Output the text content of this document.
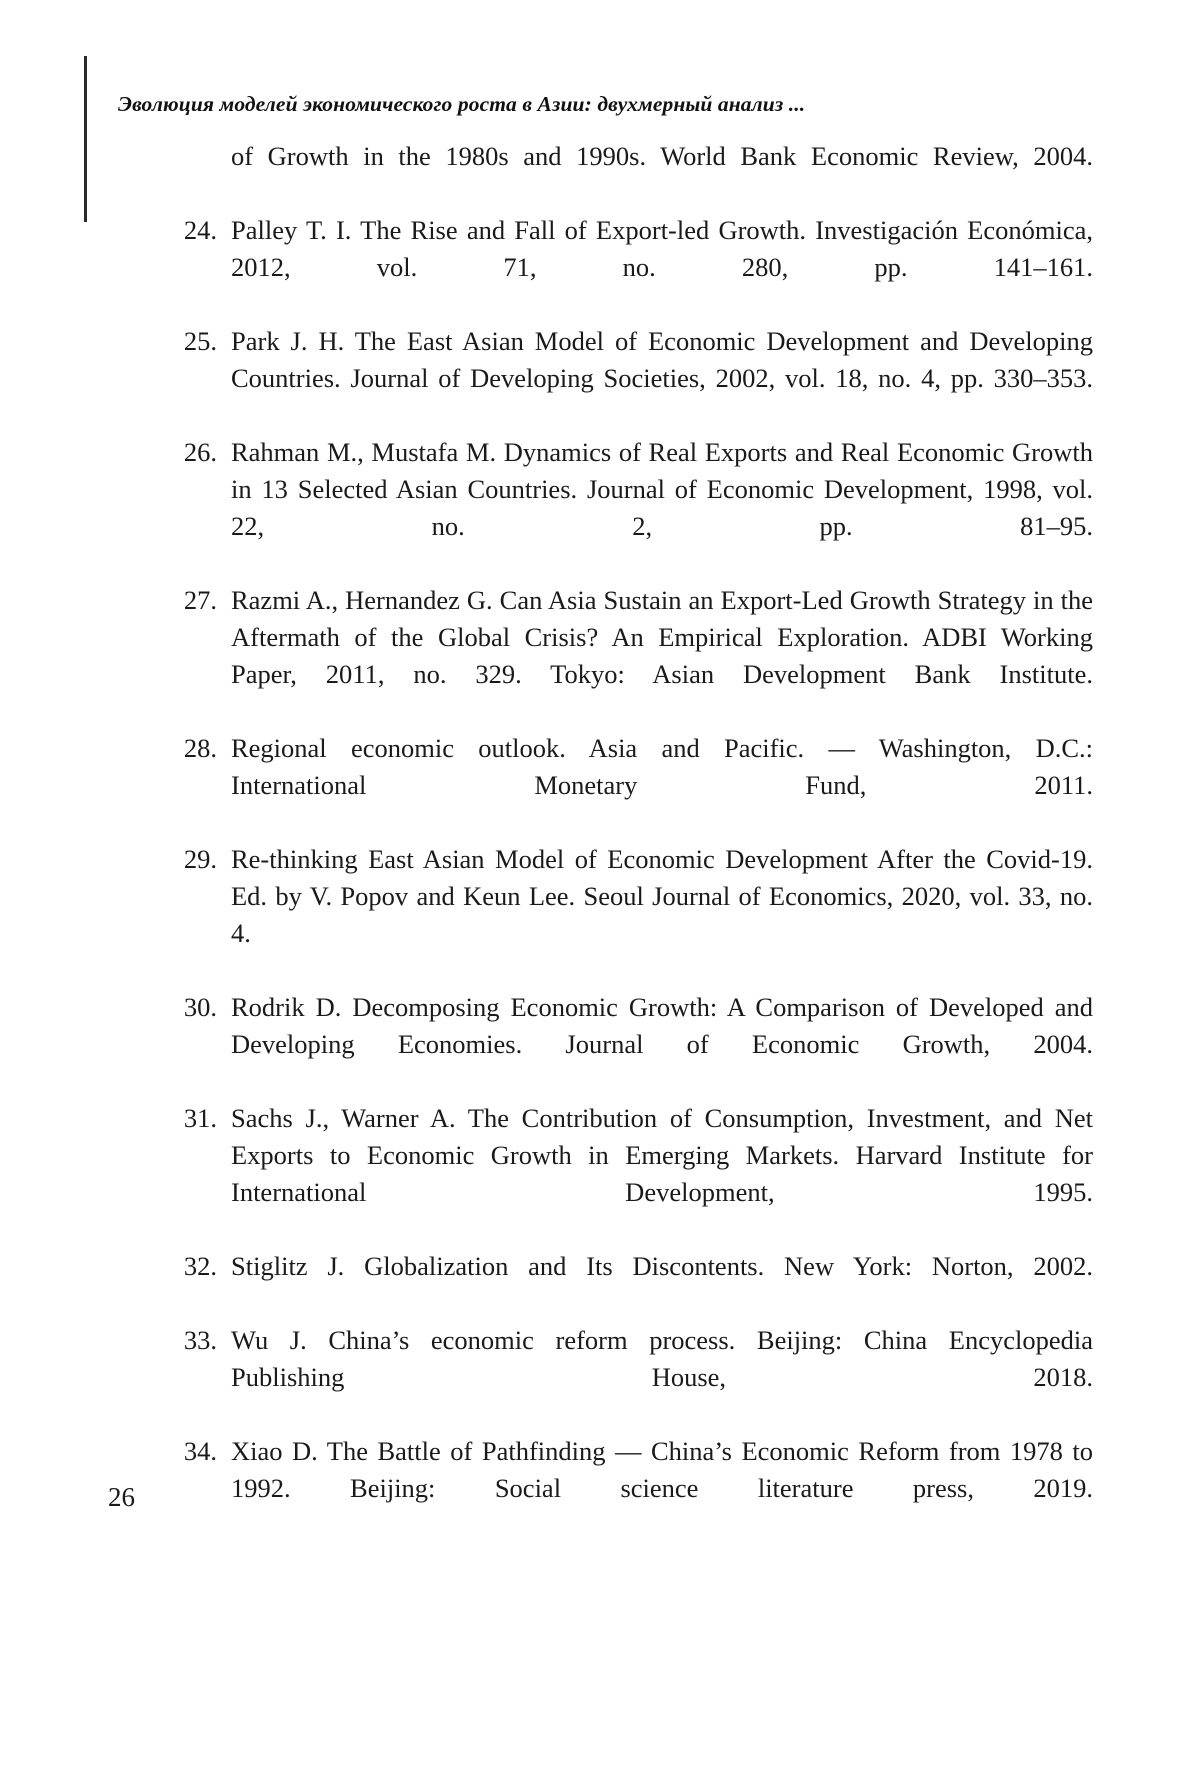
Эволюция моделей экономического роста в Азии: двухмерный анализ ...

of Growth in the 1980s and 1990s. World Bank Economic Review, 2004.

24. Palley T. I. The Rise and Fall of Export-led Growth. Investigación Económica, 2012, vol. 71, no. 280, pp. 141–161.
25. Park J. H. The East Asian Model of Economic Development and Developing Countries. Journal of Developing Societies, 2002, vol. 18, no. 4, pp. 330–353.
26. Rahman M., Mustafa M. Dynamics of Real Exports and Real Economic Growth in 13 Selected Asian Countries. Journal of Economic Development, 1998, vol. 22, no. 2, pp. 81–95.
27. Razmi A., Hernandez G. Can Asia Sustain an Export-Led Growth Strategy in the Aftermath of the Global Crisis? An Empirical Exploration. ADBI Working Paper, 2011, no. 329. Tokyo: Asian Development Bank Institute.
28. Regional economic outlook. Asia and Pacific. — Washington, D.C.: International Monetary Fund, 2011.
29. Re-thinking East Asian Model of Economic Development After the Covid-19. Ed. by V. Popov and Keun Lee. Seoul Journal of Economics, 2020, vol. 33, no. 4.
30. Rodrik D. Decomposing Economic Growth: A Comparison of Developed and Developing Economies. Journal of Economic Growth, 2004.
31. Sachs J., Warner A. The Contribution of Consumption, Investment, and Net Exports to Economic Growth in Emerging Markets. Harvard Institute for International Development, 1995.
32. Stiglitz J. Globalization and Its Discontents. New York: Norton, 2002.
33. Wu J. China’s economic reform process. Beijing: China Encyclopedia Publishing House, 2018.
34. Xiao D. The Battle of Pathfinding — China’s Economic Reform from 1978 to 1992. Beijing: Social science literature press, 2019.
26
